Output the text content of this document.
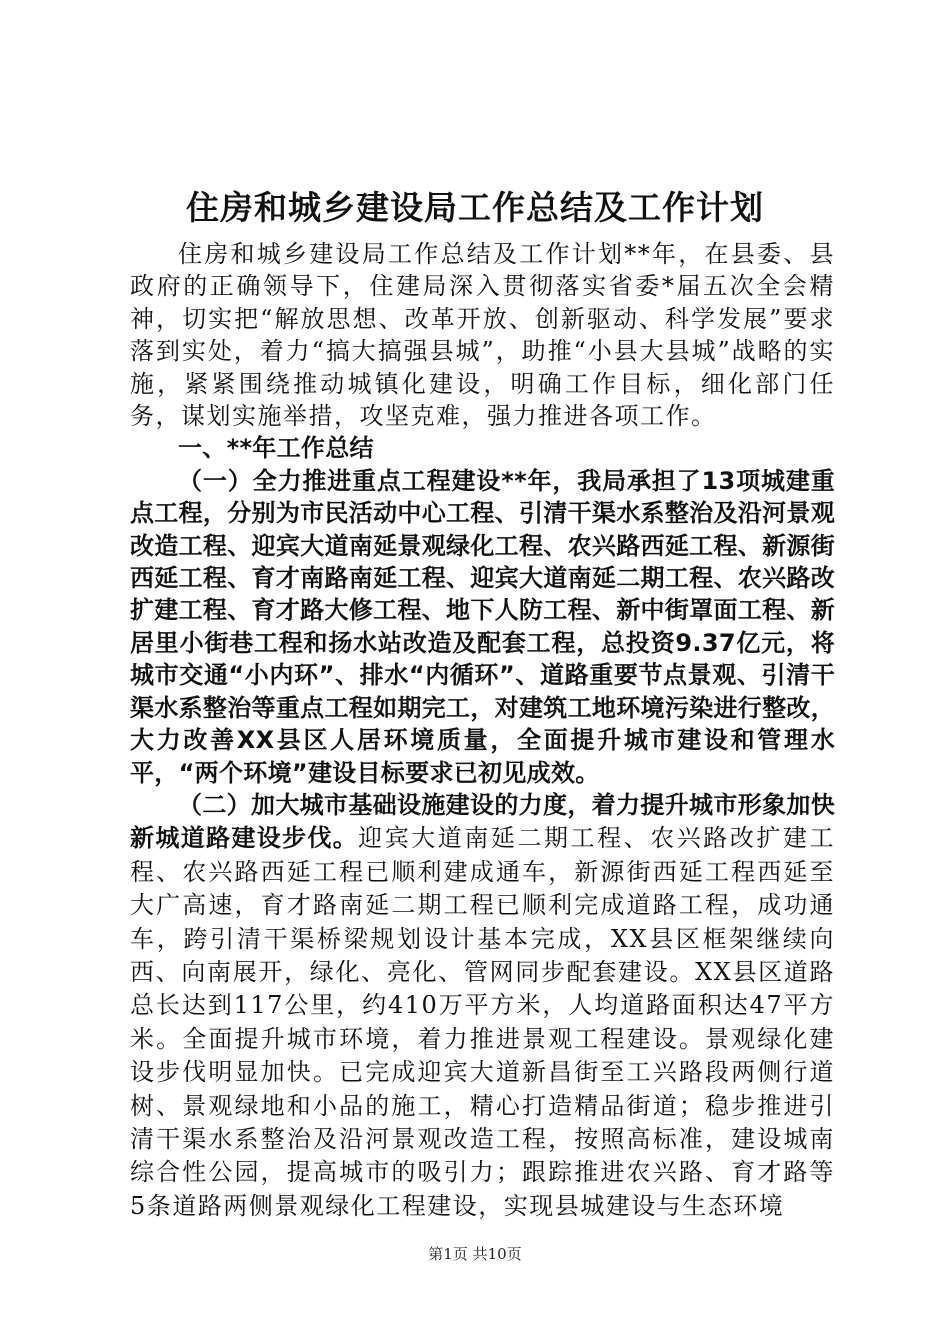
住房和城乡建设局工作总结及工作计划

住房和城乡建设局工作总结及工作计划**年，在县委、县政府的正确领导下，住建局深入贯彻落实省委*届五次全会精神，切实把“解放思想、改革开放、创新驱动、科学发展”要求落到实处，着力“搞大搞强县城”，助推“小县大县城”战略的实施，紧紧围绕推动城镇化建设，明确工作目标，细化部门任务，谋划实施举措，攻坚克难，强力推进各项工作。

一、**年工作总结

（一）全力推进重点工程建设**年，我局承担了13项城建重点工程，分别为市民活动中心工程、引清干渠水系整治及沿河景观改造工程、迎宾大道南延景观绿化工程、农兴路西延工程、新源街西延工程、育才南路南延工程、迎宾大道南延二期工程、农兴路改扩建工程、育才路大修工程、地下人防工程、新中街罩面工程、新居里小街巷工程和扬水站改造及配套工程，总投资9.37亿元，将城市交通“小内环”、排水“内循环”、道路重要节点景观、引清干渠水系整治等重点工程如期完工，对建筑工地环境污染进行整改，大力改善XX县区人居环境质量，全面提升城市建设和管理水平，“两个环境”建设目标要求已初见成效。

（二）加大城市基础设施建设的力度，着力提升城市形象加快新城道路建设步伐。迎宾大道南延二期工程、农兴路改扩建工程、农兴路西延工程已顺利建成通车，新源街西延工程西延至大广高速，育才路南延二期工程已顺利完成道路工程，成功通车，跨引清干渠桥梁规划设计基本完成，XX县区框架继续向西、向南展开，绿化、亮化、管网同步配套建设。XX县区道路总长达到117公里，约410万平方米，人均道路面积达47平方米。全面提升城市环境，着力推进景观工程建设。景观绿化建设步伐明显加快。已完成迎宾大道新昌街至工兴路段两侧行道树、景观绿地和小品的施工，精心打造精品街道；稳步推进引清干渠水系整治及沿河景观改造工程，按照高标准，建设城南综合性公园，提高城市的吸引力；跟踪推进农兴路、育才路等5条道路两侧景观绿化工程建设，实现县城建设与生态环境

第1页 共10页
